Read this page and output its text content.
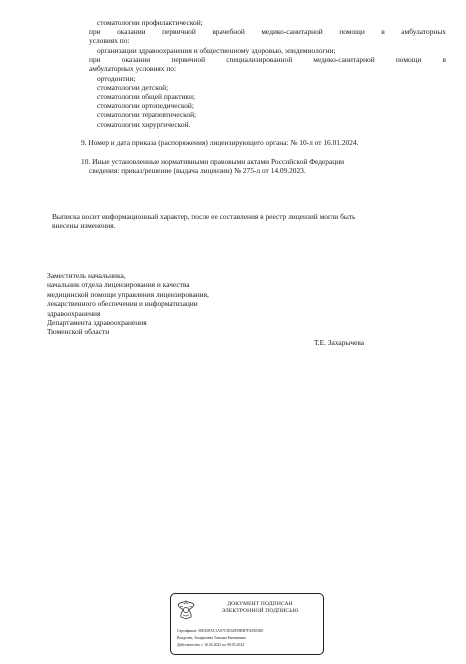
стоматологии профилактической;
при оказании первичной врачебной медико-санитарной помощи в амбулаторных
условиях по:
организации здравоохранения и общественному здоровью, эпидемиологии;
при оказании первичной специализированной медико-санитарной помощи в
амбулаторных условиях по:
ортодонтии;
стоматологии детской;
стоматологии общей практики;
стоматологии ортопедической;
стоматологии терапевтической;
стоматологии хирургической.
9. Номер и дата приказа (распоряжения) лицензирующего органа: № 10-л от 16.01.2024.
10. Иные установленные нормативными правовыми актами Российской Федерации
сведения: приказ/решение (выдача лицензии) № 275-л от 14.09.2023.
Выписка носит информационный характер, после ее составления в реестр лицензий могли быть
внесены изменения.
Заместитель начальника,
начальник отдела лицензирования и качества
медицинской помощи управления лицензирования,
лекарственного обеспечения и информатизации
здравоохранения
Департамента здравоохранения
Тюменской области
Т.Е. Захарычева
ДОКУМЕНТ ПОДПИСАН
ЭЛЕКТРОННОЙ ПОДПИСЬЮ
Сертификат: 00E45FAC1A07C5E54959BB7F43905D0
Владелец: Захарычева Татьяна Евгеньевна
Действителен: с 16.02.2023 по 08.05.2024
